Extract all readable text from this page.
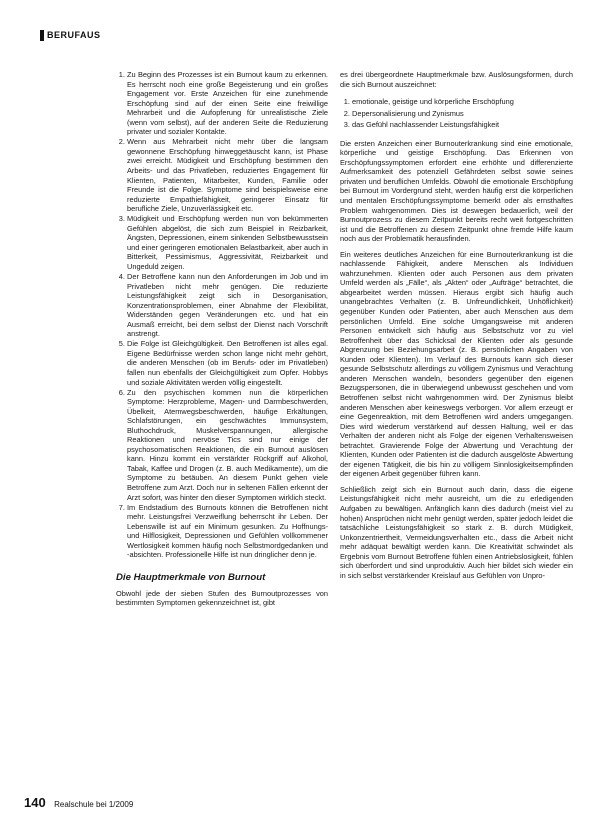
BERUFAUS
1. Zu Beginn des Prozesses ist ein Burnout kaum zu erkennen. Es herrscht noch eine große Begeisterung und ein großes Engagement vor. Erste Anzeichen für eine zunehmende Erschöpfung sind auf der einen Seite eine freiwillige Mehrarbeit und die Aufopferung für unrealistische Ziele (wenn vom selbst), auf der anderen Seite die Reduzierung privater und sozialer Kontakte.
2. Wenn aus Mehrarbeit nicht mehr über die langsam gewonnene Erschöpfung hinweggetäuscht kann, ist Phase zwei erreicht. Müdigkeit und Erschöpfung bestimmen den Arbeits- und das Privatleben, reduziertes Engagement für Klienten, Patienten, Mitarbeiter, Kunden, Familie oder Freunde ist die Folge. Symptome sind beispielsweise eine reduzierte Empathiefähigkeit, geringerer Einsatz für berufliche Ziele, Unzuverlässigkeit etc.
3. Müdigkeit und Erschöpfung werden nun von bekümmerten Gefühlen abgelöst, die sich zum Beispiel in Reizbarkeit, Ängsten, Depressionen, einem sinkenden Selbstbewusstsein und einer geringeren emotionalen Belastbarkeit, aber auch in Bitterkeit, Pessimismus, Aggressivität, Reizbarkeit und Ungeduld zeigen.
4. Der Betroffene kann nun den Anforderungen im Job und im Privatleben nicht mehr genügen. Die reduzierte Leistungsfähigkeit zeigt sich in Desorganisation, Konzentrationsproblemen, einer Abnahme der Flexibilität, Widerständen gegen Veränderungen etc. und hat ein Ausmaß erreicht, bei dem selbst der Dienst nach Vorschrift anstrengt.
5. Die Folge ist Gleichgültigkeit. Den Betroffenen ist alles egal. Eigene Bedürfnisse werden schon lange nicht mehr gehört, die anderen Menschen (ob im Berufs- oder im Privatleben) fallen nun ebenfalls der Gleichgültigkeit zum Opfer. Hobbys und soziale Aktivitäten werden völlig eingestellt.
6. Zu den psychischen kommen nun die körperlichen Symptome: Herzprobleme, Magen- und Darmbeschwerden, Übelkeit, Atemwegsbeschwerden, häufige Erkältungen, Schlafstörungen, ein geschwächtes Immunsystem, Bluthochdruck, Muskelverspannungen, allergische Reaktionen und nervöse Tics sind nur einige der psychosomatischen Reaktionen, die ein Burnout auslösen kann. Hinzu kommt ein verstärkter Rückgriff auf Alkohol, Tabak, Kaffee und Drogen (z. B. auch Medikamente), um die Symptome zu betäuben. An diesem Punkt gehen viele Betroffene zum Arzt. Doch nur in seltenen Fällen erkennt der Arzt sofort, was hinter den dieser Symptomen wirklich steckt.
7. Im Endstadium des Burnouts können die Betroffenen nicht mehr. Leistungsfrei Verzweiflung beherrscht ihr Leben. Der Lebenswille ist auf ein Minimum gesunken. Zu Hoffnungs- und Hilflosigkeit, Depressionen und Gefühlen vollkommener Wertlosigkeit kommen häufig noch Selbstmordgedanken und -absichten. Professionelle Hilfe ist nun dringlicher denn je.
Die Hauptmerkmale von Burnout

Obwohl jede der sieben Stufen des Burnoutprozesses von bestimmten Symptomen gekennzeichnet ist, gibt

es drei übergeordnete Hauptmerkmale bzw. Auslösungsformen, durch die sich Burnout auszeichnet:

1. emotionale, geistige und körperliche Erschöpfung
2. Depersonalisierung und Zynismus
3. das Gefühl nachlassender Leistungsfähigkeit

Die ersten Anzeichen einer Burnouterkrankung sind eine emotionale, körperliche und geistige Erschöpfung. Das Erkennen von Erschöpfungssymptomen erfordert eine erhöhte und differenzierte Aufmerksamkeit des potenziell Gefährdeten selbst sowie seines privaten und beruflichen Umfelds. Obwohl die emotionale Erschöpfung bei Burnout im Vordergrund steht, werden häufig erst die körperlichen und mentalen Erschöpfungssymptome bemerkt oder als ernsthaftes Problem wahrgenommen. Dies ist deswegen bedauerlich, weil der Burnoutprozess zu diesem Zeitpunkt bereits recht weit fortgeschritten ist und die Betroffenen zu diesem Zeitpunkt ohne fremde Hilfe kaum noch aus der Problematik herausfinden.

Ein weiteres deutliches Anzeichen für eine Burnouterkrankung ist die nachlassende Fähigkeit, andere Menschen als Individuen wahrzunehmen. Klienten oder auch Personen aus dem privaten Umfeld werden als „Fälle“, als „Akten“ oder „Aufträge“ betrachtet, die abgearbeitet werden müssen. Hieraus ergibt sich häufig auch unangebrachtes Verhalten (z. B. Unfreundlichkeit, Unhöflichkeit) gegenüber Kunden oder Patienten, aber auch Menschen aus dem persönlichen Umfeld. Eine solche Umgangsweise mit anderen Personen entwickelt sich häufig aus Selbstschutz vor zu viel Betroffenheit über das Schicksal der Klienten oder als gesunde Abgrenzung bei Beziehungsarbeit (z. B. persönlichen Angaben von Kunden oder Klienten). Im Verlauf des Burnouts kann sich dieser gesunde Selbstschutz allerdings zu völligem Zynismus und Verachtung anderen Menschen wandeln, besonders gegenüber den eigenen Bezugspersonen, die in überwiegend unbewusst geschehen und vom Betroffenen selbst nicht wahrgenommen wird. Der Zynismus bleibt anderen Menschen aber keineswegs verborgen. Vor allem erzeugt er eine Gegenreaktion, mit dem Betroffenen wird anders umgegangen. Dies wird wiederum verstärkend auf dessen Haltung, weil er das Verhalten der anderen nicht als Folge der eigenen Verhaltensweisen betrachtet. Gravierende Folge der Abwertung und Verachtung der Klienten, Kunden oder Patienten ist die dadurch ausgelöste Abwertung der eigenen Tätigkeit, die bis hin zu völligem Sinnlosigkeitsempfinden der eigenen Arbeit gegenüber führen kann.

Schließlich zeigt sich ein Burnout auch darin, dass die eigene Leistungsfähigkeit nicht mehr ausreicht, um die zu erledigenden Aufgaben zu bewältigen. Anfänglich kann dies dadurch (meist viel zu hohen) Ansprüchen nicht mehr genügt werden, später jedoch leidet die tatsächliche Leistungsfähigkeit so stark z. B. durch Müdigkeit, Unkonzentriertheit, Vermeidungsverhalten etc., dass die Arbeit nicht mehr adäquat bewältigt werden kann. Die Kreativität schwindet als Ergebnis vom Burnout Betroffene fühlen einen Antriebslosigkeit, fühlen sich überfordert und sind unproduktiv. Auch hier bildet sich wieder ein in sich selbst verstärkender Kreislauf aus Gefühlen von Unpro-

140 Realschule bei 1/2009
